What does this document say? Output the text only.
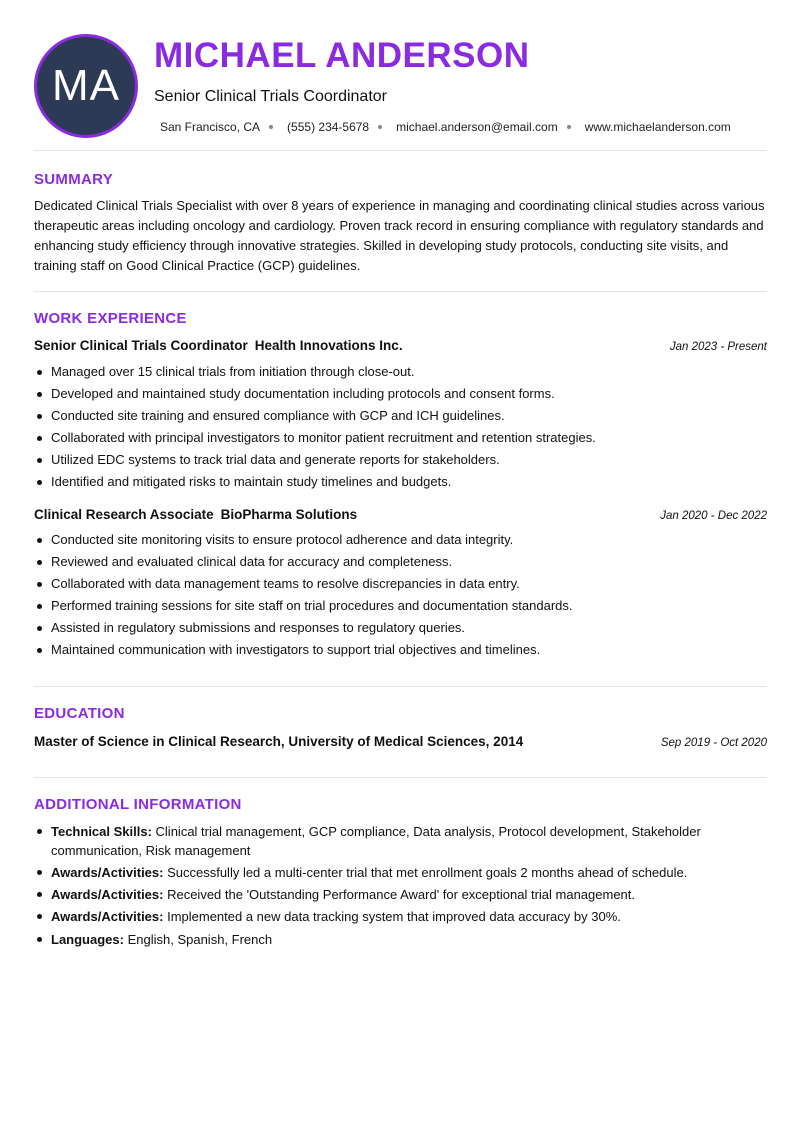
MA
MICHAEL ANDERSON
Senior Clinical Trials Coordinator
San Francisco, CA (555) 234-5678 michael.anderson@email.com www.michaelanderson.com
SUMMARY
Dedicated Clinical Trials Specialist with over 8 years of experience in managing and coordinating clinical studies across various therapeutic areas including oncology and cardiology. Proven track record in ensuring compliance with regulatory standards and enhancing study efficiency through innovative strategies. Skilled in developing study protocols, conducting site visits, and training staff on Good Clinical Practice (GCP) guidelines.
WORK EXPERIENCE
Senior Clinical Trials Coordinator Health Innovations Inc.	Jan 2023 - Present
Managed over 15 clinical trials from initiation through close-out.
Developed and maintained study documentation including protocols and consent forms.
Conducted site training and ensured compliance with GCP and ICH guidelines.
Collaborated with principal investigators to monitor patient recruitment and retention strategies.
Utilized EDC systems to track trial data and generate reports for stakeholders.
Identified and mitigated risks to maintain study timelines and budgets.
Clinical Research Associate BioPharma Solutions	Jan 2020 - Dec 2022
Conducted site monitoring visits to ensure protocol adherence and data integrity.
Reviewed and evaluated clinical data for accuracy and completeness.
Collaborated with data management teams to resolve discrepancies in data entry.
Performed training sessions for site staff on trial procedures and documentation standards.
Assisted in regulatory submissions and responses to regulatory queries.
Maintained communication with investigators to support trial objectives and timelines.
EDUCATION
Master of Science in Clinical Research, University of Medical Sciences, 2014	Sep 2019 - Oct 2020
ADDITIONAL INFORMATION
Technical Skills: Clinical trial management, GCP compliance, Data analysis, Protocol development, Stakeholder communication, Risk management
Awards/Activities: Successfully led a multi-center trial that met enrollment goals 2 months ahead of schedule.
Awards/Activities: Received the 'Outstanding Performance Award' for exceptional trial management.
Awards/Activities: Implemented a new data tracking system that improved data accuracy by 30%.
Languages: English, Spanish, French
